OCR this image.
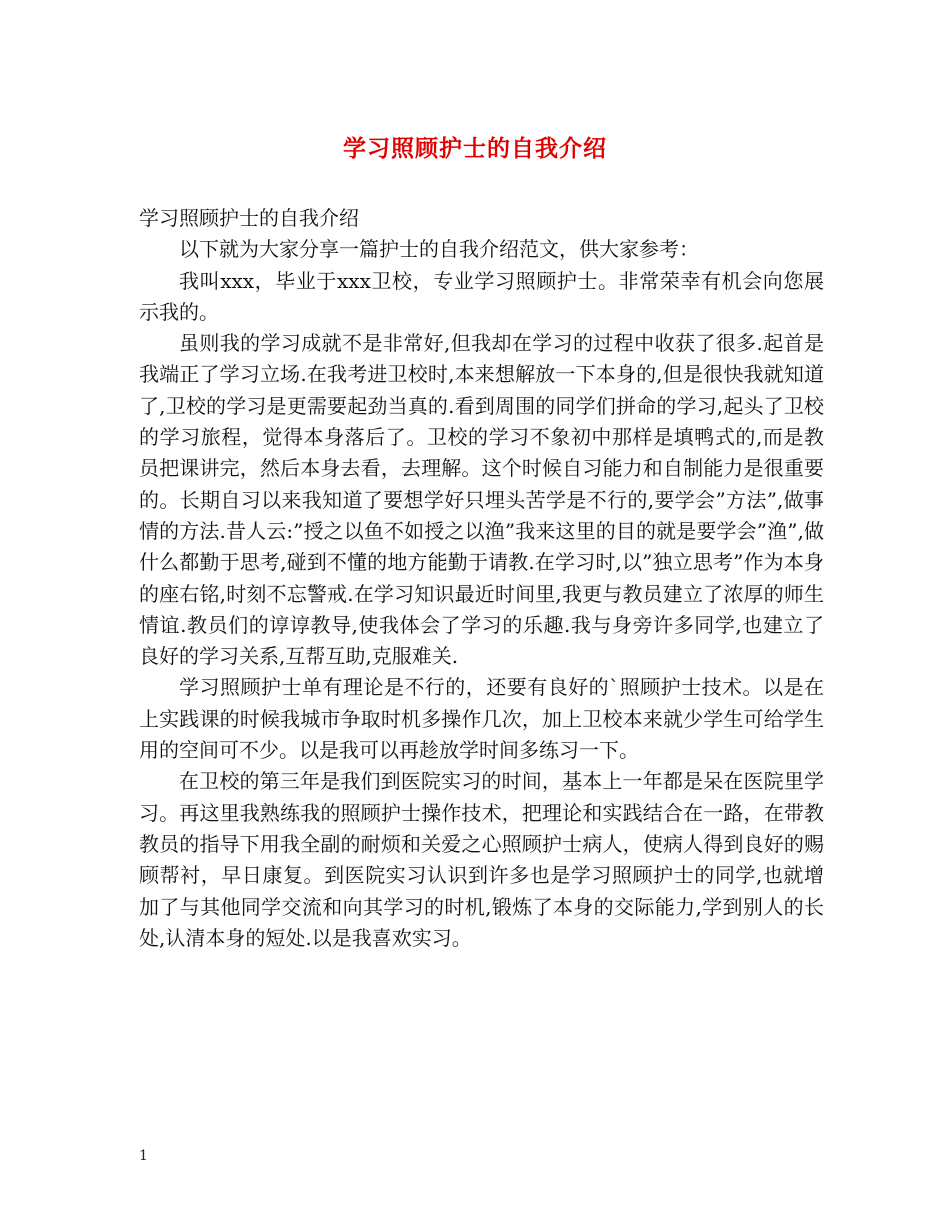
学习照顾护士的自我介绍

学习照顾护士的自我介绍

以下就为大家分享一篇护士的自我介绍范文，供大家参考：

我叫xxx，毕业于xxx卫校，专业学习照顾护士。非常荣幸有机会向您展示我的。

虽则我的学习成就不是非常好,但我却在学习的过程中收获了很多.起首是我端正了学习立场.在我考进卫校时,本来想解放一下本身的,但是很快我就知道了,卫校的学习是更需要起劲当真的.看到周围的同学们拼命的学习,起头了卫校的学习旅程，觉得本身落后了。卫校的学习不象初中那样是填鸭式的,而是教员把课讲完，然后本身去看，去理解。这个时候自习能力和自制能力是很重要的。长期自习以来我知道了要想学好只埋头苦学是不行的,要学会”方法”,做事情的方法.昔人云:”授之以鱼不如授之以渔”我来这里的目的就是要学会”渔”,做什么都勤于思考,碰到不懂的地方能勤于请教.在学习时,以”独立思考”作为本身的座右铭,时刻不忘警戒.在学习知识最近时间里,我更与教员建立了浓厚的师生情谊.教员们的谆谆教导,使我体会了学习的乐趣.我与身旁许多同学,也建立了良好的学习关系,互帮互助,克服难关.

学习照顾护士单有理论是不行的，还要有良好的`照顾护士技术。以是在上实践课的时候我城市争取时机多操作几次，加上卫校本来就少学生可给学生用的空间可不少。以是我可以再趁放学时间多练习一下。

在卫校的第三年是我们到医院实习的时间，基本上一年都是呆在医院里学习。再这里我熟练我的照顾护士操作技术，把理论和实践结合在一路，在带教教员的指导下用我全副的耐烦和关爱之心照顾护士病人，使病人得到良好的赐顾帮衬，早日康复。到医院实习认识到许多也是学习照顾护士的同学,也就增加了与其他同学交流和向其学习的时机,锻炼了本身的交际能力,学到别人的长处,认清本身的短处.以是我喜欢实习。

1
